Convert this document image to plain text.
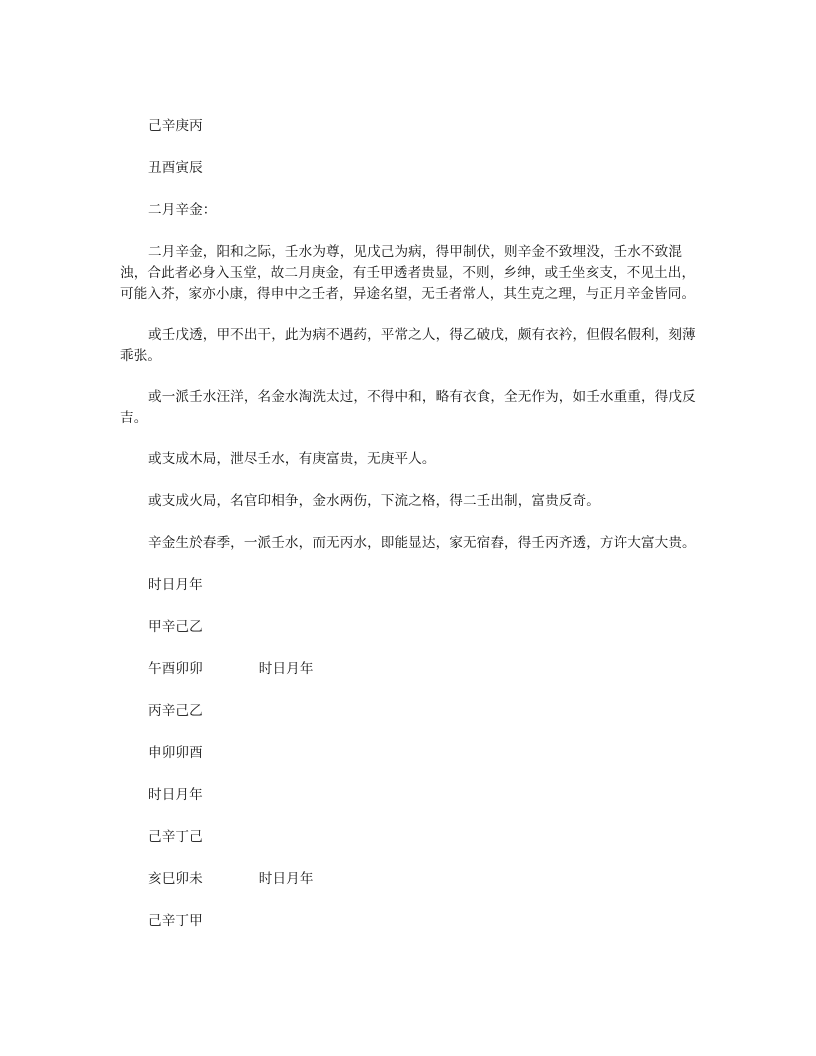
己辛庚丙

丑酉寅辰

二月辛金：

二月辛金，阳和之际，壬水为尊，见戊己为病，得甲制伏，则辛金不致埋没，壬水不致混浊，合此者必身入玉堂，故二月庚金，有壬甲透者贵显，不则，乡绅，或壬坐亥支，不见土出，可能入芥，家亦小康，得申中之壬者，异途名望，无壬者常人，其生克之理，与正月辛金皆同。

或壬戊透，甲不出干，此为病不遇药，平常之人，得乙破戊，颇有衣衿，但假名假利，刻薄乖张。

或一派壬水汪洋，名金水淘洗太过，不得中和，略有衣食，全无作为，如壬水重重，得戊反吉。

或支成木局，泄尽壬水，有庚富贵，无庚平人。

或支成火局，名官印相争，金水两伤，下流之格，得二壬出制，富贵反奇。

辛金生於春季，一派壬水，而无丙水，即能显达，家无宿舂，得壬丙齐透，方许大富大贵。

时日月年

甲辛己乙

午酉卯卯	时日月年

丙辛己乙

申卯卯酉

时日月年

己辛丁己

亥巳卯未	时日月年

己辛丁甲
